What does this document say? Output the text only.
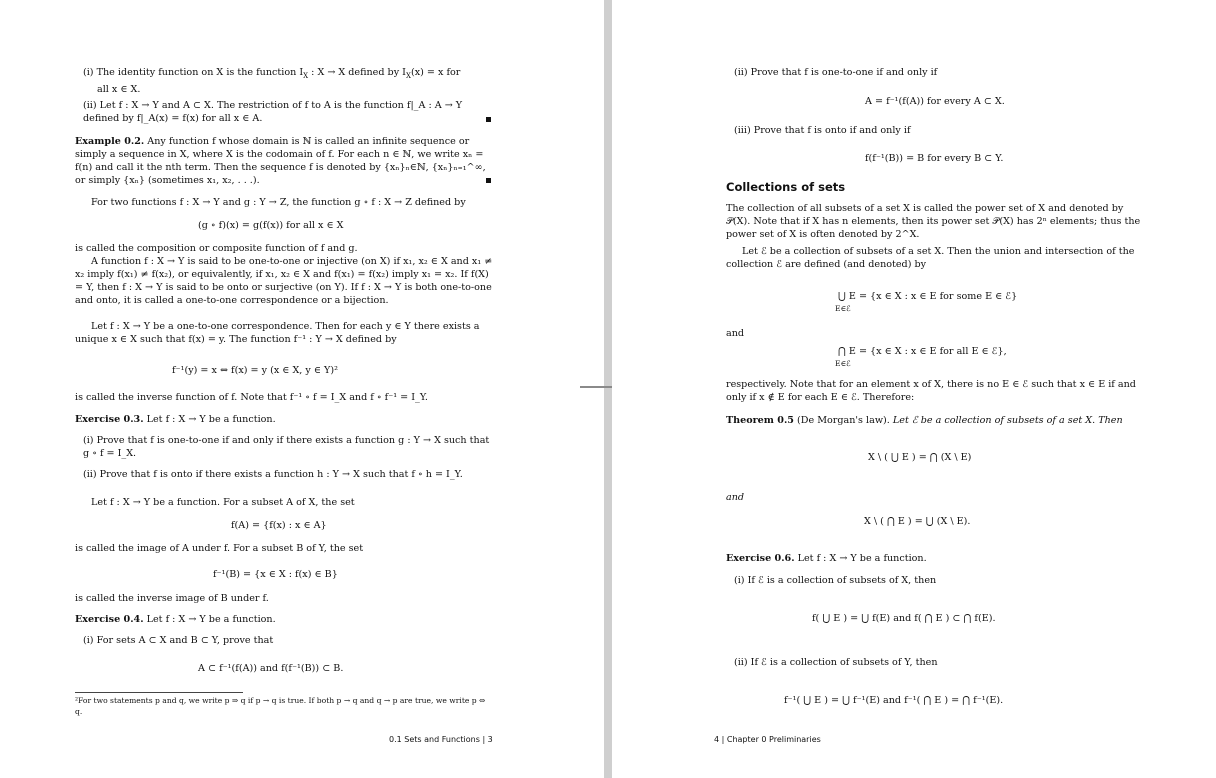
(i) The identity function on X is the function $I_X$ : X → X defined by $I_X(x) = x$ for
all x ∈ X.
(ii) Let f : X → Y and A ⊂ X. The restriction of f to A is the function f|_A : A → Y defined by f|_A(x) = f(x) for all x ∈ A.
Example 0.2. Any function f whose domain is ℕ is called an infinite sequence or simply a sequence in X, where X is the codomain of f. For each n ∈ ℕ, we write xₙ = f(n) and call it the nth term. Then the sequence f is denoted by {xₙ}ₙ∈ℕ, {xₙ}ₙ₌₁^∞, or simply {xₙ} (sometimes x₁, x₂, . . .).
For two functions f : X → Y and g : Y → Z, the function g ∘ f : X → Z defined by
(g ∘ f)(x) = g(f(x)) for all x ∈ X
is called the composition or composite function of f and g.
A function f : X → Y is said to be one-to-one or injective (on X) if x₁, x₂ ∈ X and x₁ ≠ x₂ imply f(x₁) ≠ f(x₂), or equivalently, if x₁, x₂ ∈ X and f(x₁) = f(x₂) imply x₁ = x₂. If f(X) = Y, then f : X → Y is said to be onto or surjective (on Y). If f : X → Y is both one-to-one and onto, it is called a one-to-one correspondence or a bijection.
Let f : X → Y be a one-to-one correspondence. Then for each y ∈ Y there exists a unique x ∈ X such that f(x) = y. The function f⁻¹ : Y → X defined by
f⁻¹(y) = x ⇔ f(x) = y (x ∈ X, y ∈ Y)²
is called the inverse function of f. Note that f⁻¹ ∘ f = I_X and f ∘ f⁻¹ = I_Y.
Exercise 0.3. Let f : X → Y be a function.
(i) Prove that f is one-to-one if and only if there exists a function g : Y → X such that g ∘ f = I_X.
(ii) Prove that f is onto if there exists a function h : Y → X such that f ∘ h = I_Y.
Let f : X → Y be a function. For a subset A of X, the set
f(A) = {f(x) : x ∈ A}
is called the image of A under f. For a subset B of Y, the set
f⁻¹(B) = {x ∈ X : f(x) ∈ B}
is called the inverse image of B under f.
Exercise 0.4. Let f : X → Y be a function.
(i) For sets A ⊂ X and B ⊂ Y, prove that
A ⊂ f⁻¹(f(A)) and f(f⁻¹(B)) ⊂ B.
²For two statements p and q, we write p ⇒ q if p → q is true. If both p → q and q → p are true, we write p ⇔ q.
0.1 Sets and Functions | 3
(ii) Prove that f is one-to-one if and only if
A = f⁻¹(f(A)) for every A ⊂ X.
(iii) Prove that f is onto if and only if
f(f⁻¹(B)) = B for every B ⊂ Y.
Collections of sets
The collection of all subsets of a set X is called the power set of X and denoted by 𝒫(X). Note that if X has n elements, then its power set 𝒫(X) has 2ⁿ elements; thus the power set of X is often denoted by 2^X.
Let ℰ be a collection of subsets of a set X. Then the union and intersection of the collection ℰ are defined (and denoted) by
⋃ E = {x ∈ X : x ∈ E for some E ∈ ℰ}
E∈ℰ
and
⋂ E = {x ∈ X : x ∈ E for all E ∈ ℰ},
E∈ℰ
respectively. Note that for an element x of X, there is no E ∈ ℰ such that x ∈ E if and only if x ∉ E for each E ∈ ℰ. Therefore:
Theorem 0.5 (De Morgan's law). Let ℰ be a collection of subsets of a set X. Then
X \ ( ⋃ E ) = ⋂ (X \ E)
and
X \ ( ⋂ E ) = ⋃ (X \ E).
Exercise 0.6. Let f : X → Y be a function.
(i) If ℰ is a collection of subsets of X, then
f( ⋃ E ) = ⋃ f(E) and f( ⋂ E ) ⊂ ⋂ f(E).
(ii) If ℰ is a collection of subsets of Y, then
f⁻¹( ⋃ E ) = ⋃ f⁻¹(E) and f⁻¹( ⋂ E ) = ⋂ f⁻¹(E).
4 | Chapter 0 Preliminaries
